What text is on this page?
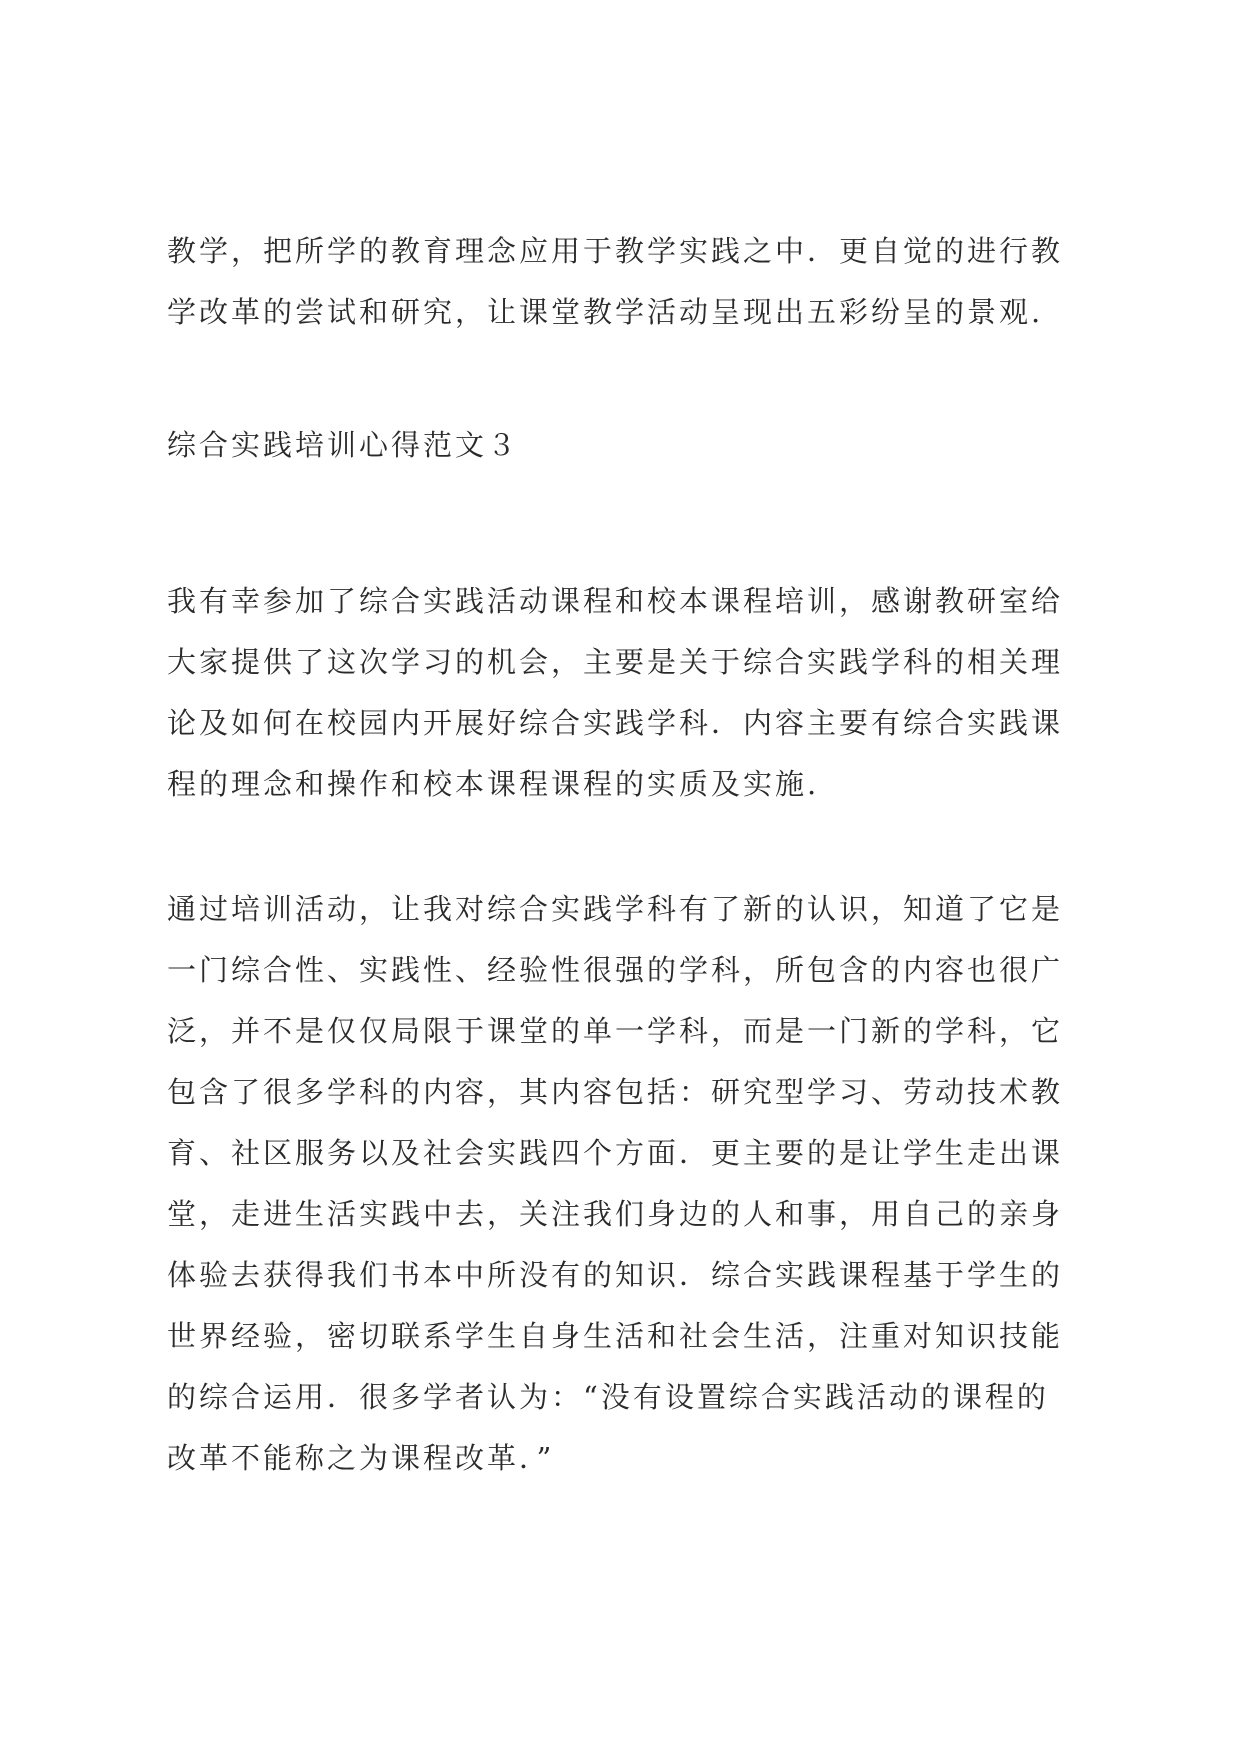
教学，把所学的教育理念应用于教学实践之中．更自觉的进行教
学改革的尝试和研究，让课堂教学活动呈现出五彩纷呈的景观.
综合实践培训心得范文３
我有幸参加了综合实践活动课程和校本课程培训，感谢教研室给
大家提供了这次学习的机会，主要是关于综合实践学科的相关理
论及如何在校园内开展好综合实践学科．内容主要有综合实践课
程的理念和操作和校本课程课程的实质及实施.
通过培训活动，让我对综合实践学科有了新的认识，知道了它是
一门综合性、实践性、经验性很强的学科，所包含的内容也很广
泛，并不是仅仅局限于课堂的单一学科，而是一门新的学科，它
包含了很多学科的内容，其内容包括：研究型学习、劳动技术教
育、社区服务以及社会实践四个方面．更主要的是让学生走出课
堂，走进生活实践中去，关注我们身边的人和事，用自己的亲身
体验去获得我们书本中所没有的知识．综合实践课程基于学生的
世界经验，密切联系学生自身生活和社会生活，注重对知识技能
的综合运用．很多学者认为：“没有设置综合实践活动的课程的
改革不能称之为课程改革．”
